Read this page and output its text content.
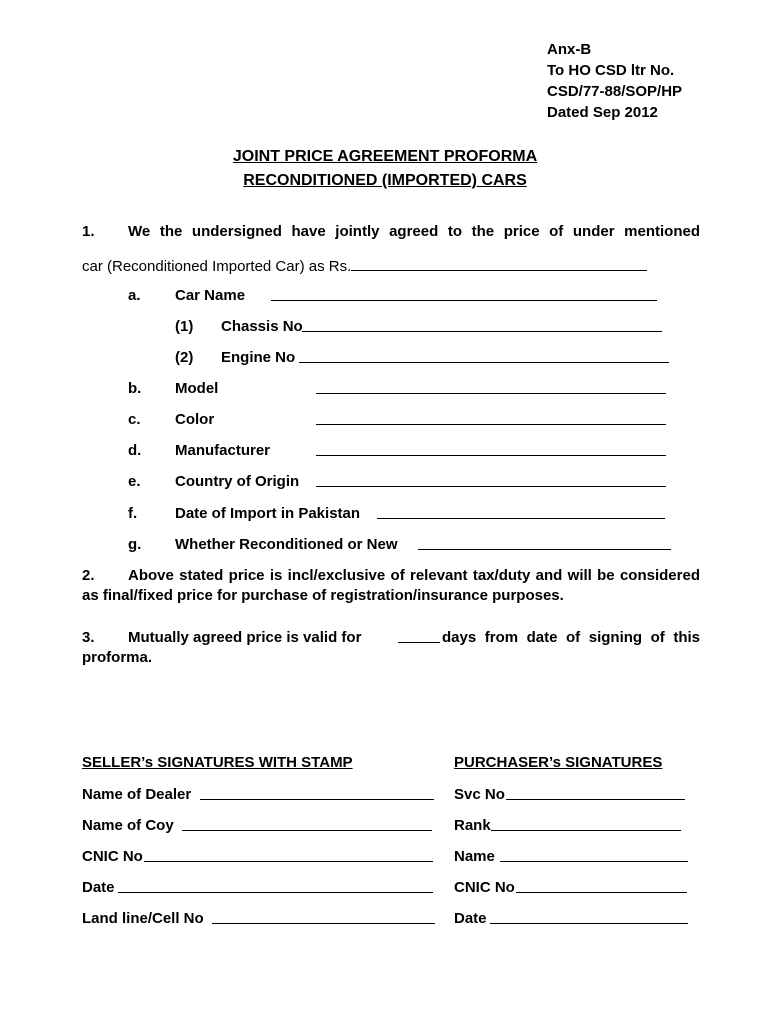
Anx-B
To HO CSD ltr No.
CSD/77-88/SOP/HP
Dated Sep 2012
JOINT PRICE AGREEMENT PROFORMA
RECONDITIONED (IMPORTED) CARS
1. We the undersigned have jointly agreed to the price of under mentioned
car (Reconditioned Imported Car) as Rs.
a. Car Name
(1) Chassis No
(2) Engine No
b. Model
c. Color
d. Manufacturer
e. Country of Origin
f.	Date of Import in Pakistan
g. Whether Reconditioned or New
2.	Above stated price is incl/exclusive of relevant tax/duty and will be considered as final/fixed price for purchase of registration/insurance purposes.
3. Mutually agreed price is valid for	days from date of signing of this proforma.
SELLER’s SIGNATURES WITH STAMP
Name of Dealer
Name of Coy
CNIC No
Date
Land line/Cell No
PURCHASER’s SIGNATURES
Svc No
Rank
Name
CNIC No
Date
